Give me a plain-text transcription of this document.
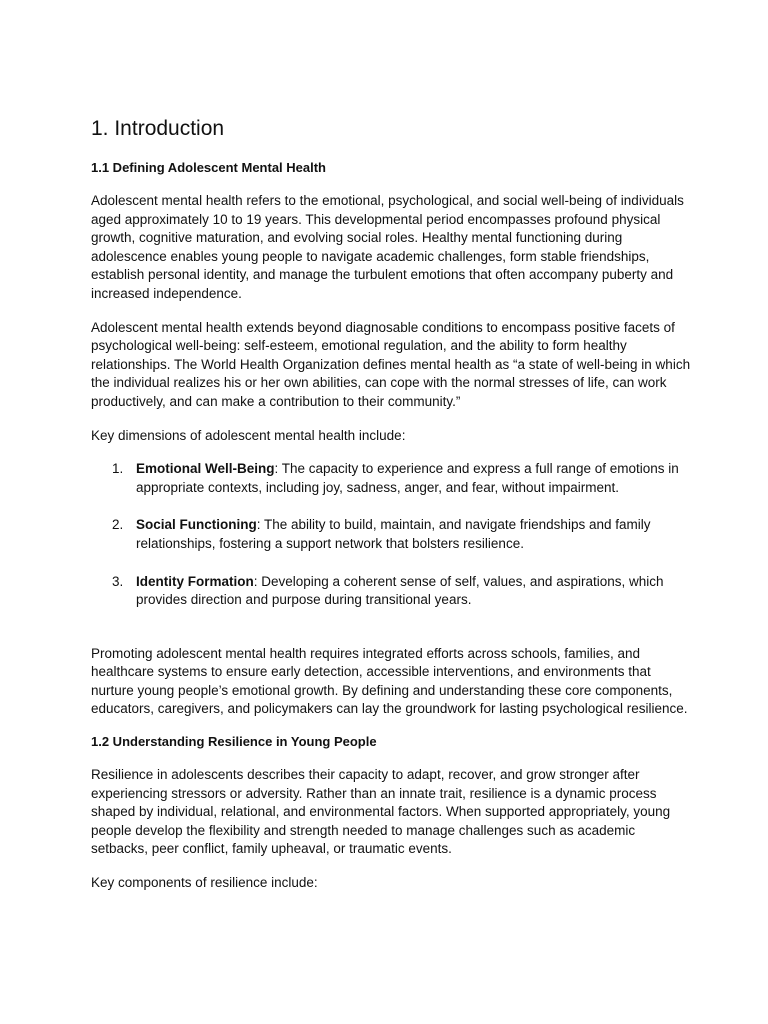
1. Introduction
1.1 Defining Adolescent Mental Health

Adolescent mental health refers to the emotional, psychological, and social well-being of individuals aged approximately 10 to 19 years. This developmental period encompasses profound physical growth, cognitive maturation, and evolving social roles. Healthy mental functioning during adolescence enables young people to navigate academic challenges, form stable friendships, establish personal identity, and manage the turbulent emotions that often accompany puberty and increased independence.

Adolescent mental health extends beyond diagnosable conditions to encompass positive facets of psychological well-being: self-esteem, emotional regulation, and the ability to form healthy relationships. The World Health Organization defines mental health as “a state of well-being in which the individual realizes his or her own abilities, can cope with the normal stresses of life, can work productively, and can make a contribution to their community.”

Key dimensions of adolescent mental health include:

1. Emotional Well-Being: The capacity to experience and express a full range of emotions in appropriate contexts, including joy, sadness, anger, and fear, without impairment.
2. Social Functioning: The ability to build, maintain, and navigate friendships and family relationships, fostering a support network that bolsters resilience.
3. Identity Formation: Developing a coherent sense of self, values, and aspirations, which provides direction and purpose during transitional years.

Promoting adolescent mental health requires integrated efforts across schools, families, and healthcare systems to ensure early detection, accessible interventions, and environments that nurture young people’s emotional growth. By defining and understanding these core components, educators, caregivers, and policymakers can lay the groundwork for lasting psychological resilience.

1.2 Understanding Resilience in Young People

Resilience in adolescents describes their capacity to adapt, recover, and grow stronger after experiencing stressors or adversity. Rather than an innate trait, resilience is a dynamic process shaped by individual, relational, and environmental factors. When supported appropriately, young people develop the flexibility and strength needed to manage challenges such as academic setbacks, peer conflict, family upheaval, or traumatic events.

Key components of resilience include:
